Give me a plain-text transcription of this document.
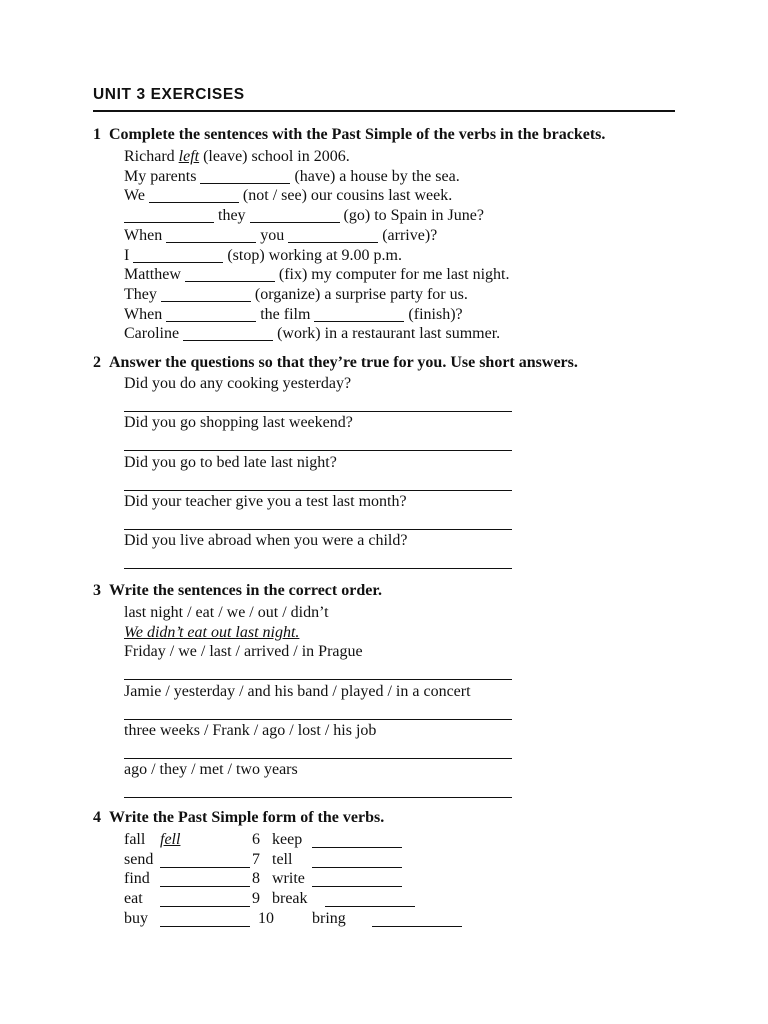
UNIT 3 EXERCISES
1 Complete the sentences with the Past Simple of the verbs in the brackets.
Richard left (leave) school in 2006.
My parents	(have) a house by the sea.
We	(not / see) our cousins last week.
they	(go) to Spain in June?
When	you	(arrive)?
I	(stop) working at 9.00 p.m.
Matthew	(fix) my computer for me last night.
They	(organize) a surprise party for us.
When	the film	(finish)?
Caroline	(work) in a restaurant last summer.
2 Answer the questions so that they’re true for you. Use short answers.
Did you do any cooking yesterday?
Did you go shopping last weekend?
Did you go to bed late last night?
Did your teacher give you a test last month?
Did you live abroad when you were a child?
3 Write the sentences in the correct order.
last night / eat / we / out / didn’t
We didn’t eat out last night.
Friday / we / last / arrived / in Prague
Jamie / yesterday / and his band / played / in a concert
three weeks / Frank / ago / lost / his job
ago / they / met / two years
4 Write the Past Simple form of the verbs.
fall fell	6 keep
send	7 tell
find	8 write
eat	9 break
buy	10 bring
